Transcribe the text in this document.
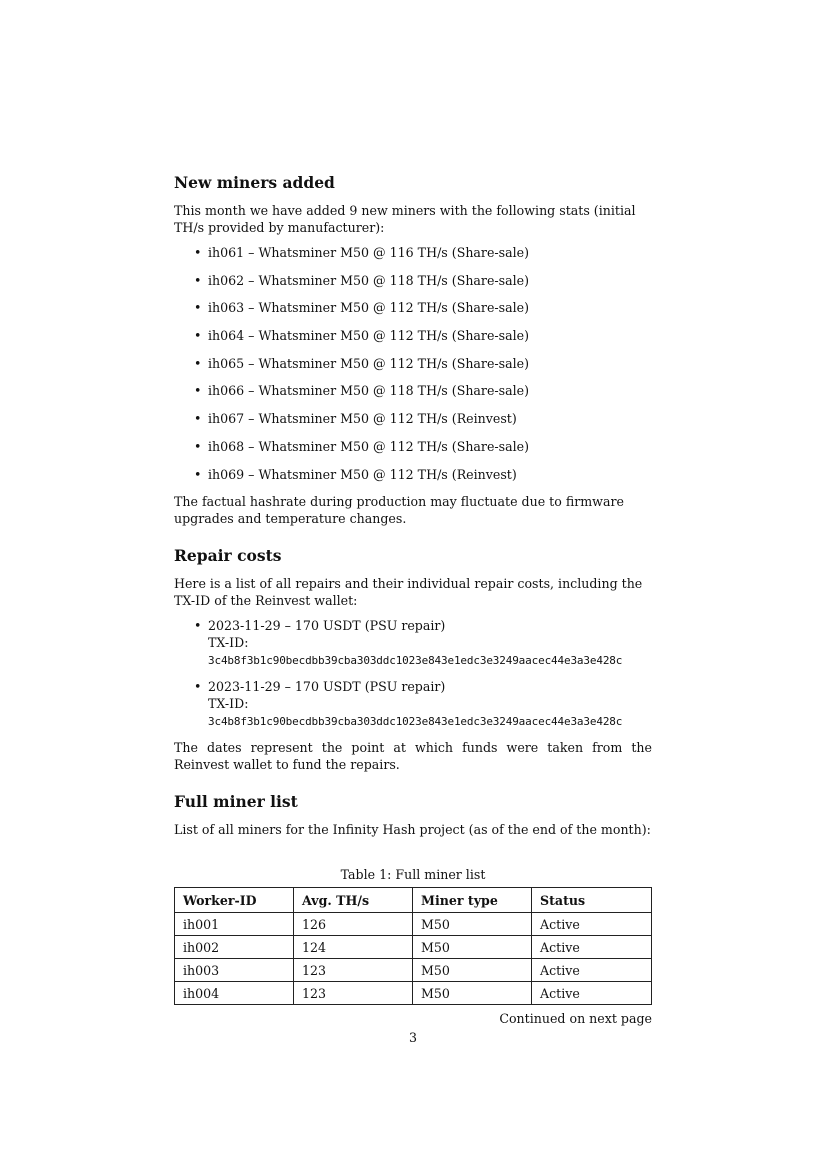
New miners added

This month we have added 9 new miners with the following stats (initial TH/s provided by manufacturer):

• ih061 – Whatsminer M50 @ 116 TH/s (Share-sale)
• ih062 – Whatsminer M50 @ 118 TH/s (Share-sale)
• ih063 – Whatsminer M50 @ 112 TH/s (Share-sale)
• ih064 – Whatsminer M50 @ 112 TH/s (Share-sale)
• ih065 – Whatsminer M50 @ 112 TH/s (Share-sale)
• ih066 – Whatsminer M50 @ 118 TH/s (Share-sale)
• ih067 – Whatsminer M50 @ 112 TH/s (Reinvest)
• ih068 – Whatsminer M50 @ 112 TH/s (Share-sale)
• ih069 – Whatsminer M50 @ 112 TH/s (Reinvest)

The factual hashrate during production may fluctuate due to firmware upgrades and temperature changes.

Repair costs

Here is a list of all repairs and their individual repair costs, including the TX-ID of the Reinvest wallet:

• 2023-11-29 – 170 USDT (PSU repair)
TX-ID: 3c4b8f3b1c90becdbb39cba303ddc1023e843e1edc3e3249aacec44e3a3e428c
• 2023-11-29 – 170 USDT (PSU repair)
TX-ID: 3c4b8f3b1c90becdbb39cba303ddc1023e843e1edc3e3249aacec44e3a3e428c

The dates represent the point at which funds were taken from the Reinvest wallet to fund the repairs.

Full miner list

List of all miners for the Infinity Hash project (as of the end of the month):

Table 1: Full miner list
Worker-ID	Avg. TH/s	Miner type	Status
ih001	126	M50	Active
ih002	124	M50	Active
ih003	123	M50	Active
ih004	123	M50	Active
Continued on next page
3
